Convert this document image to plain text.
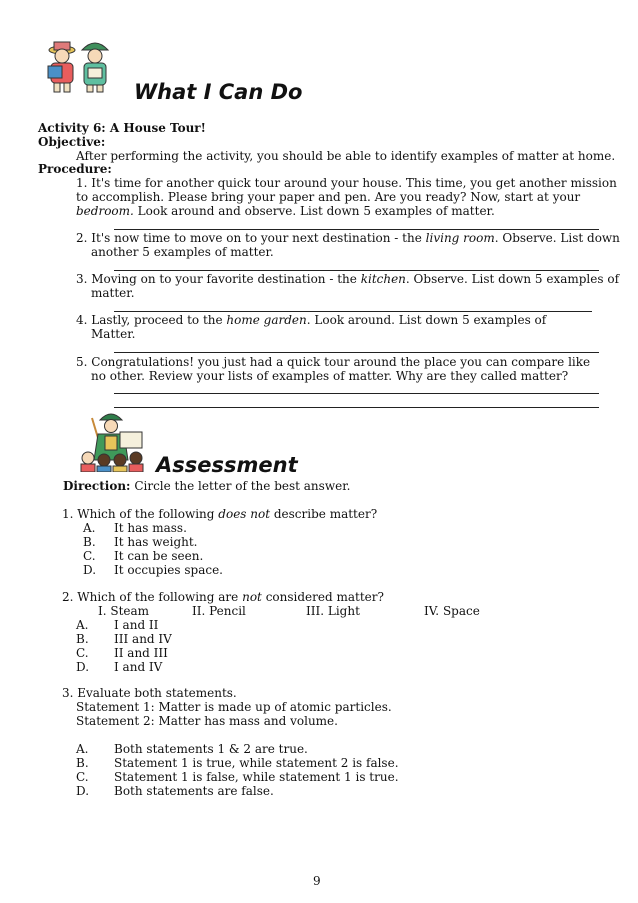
What I Can Do
Activity 6: A House Tour!
Objective:
After performing the activity, you should be able to identify examples of matter at home.
Procedure:
1. It's time for another quick tour around your house. This time, you get another mission
to accomplish. Please bring your paper and pen. Are you ready? Now, start at your
bedroom. Look around and observe. List down 5 examples of matter.
2. It's now time to move on to your next destination - the living room. Observe. List down
another 5 examples of matter.
3. Moving on to your favorite destination - the kitchen. Observe. List down 5 examples of
matter.
4. Lastly, proceed to the home garden. Look around. List down 5 examples of
Matter.
5. Congratulations! you just had a quick tour around the place you can compare like
no other. Review your lists of examples of matter. Why are they called matter?
Assessment
Direction: Circle the letter of the best answer.
1. Which of the following does not describe matter?
A. It has mass.
B. It has weight.
C. It can be seen.
D. It occupies space.
2. Which of the following are not considered matter?
I. Steam	II. Pencil	III. Light	IV. Space
A. I and II
B. III and IV
C. II and III
D. I and IV
3. Evaluate both statements.
Statement 1: Matter is made up of atomic particles.
Statement 2: Matter has mass and volume.
A. Both statements 1 & 2 are true.
B. Statement 1 is true, while statement 2 is false.
C. Statement 1 is false, while statement 1 is true.
D. Both statements are false.
9
